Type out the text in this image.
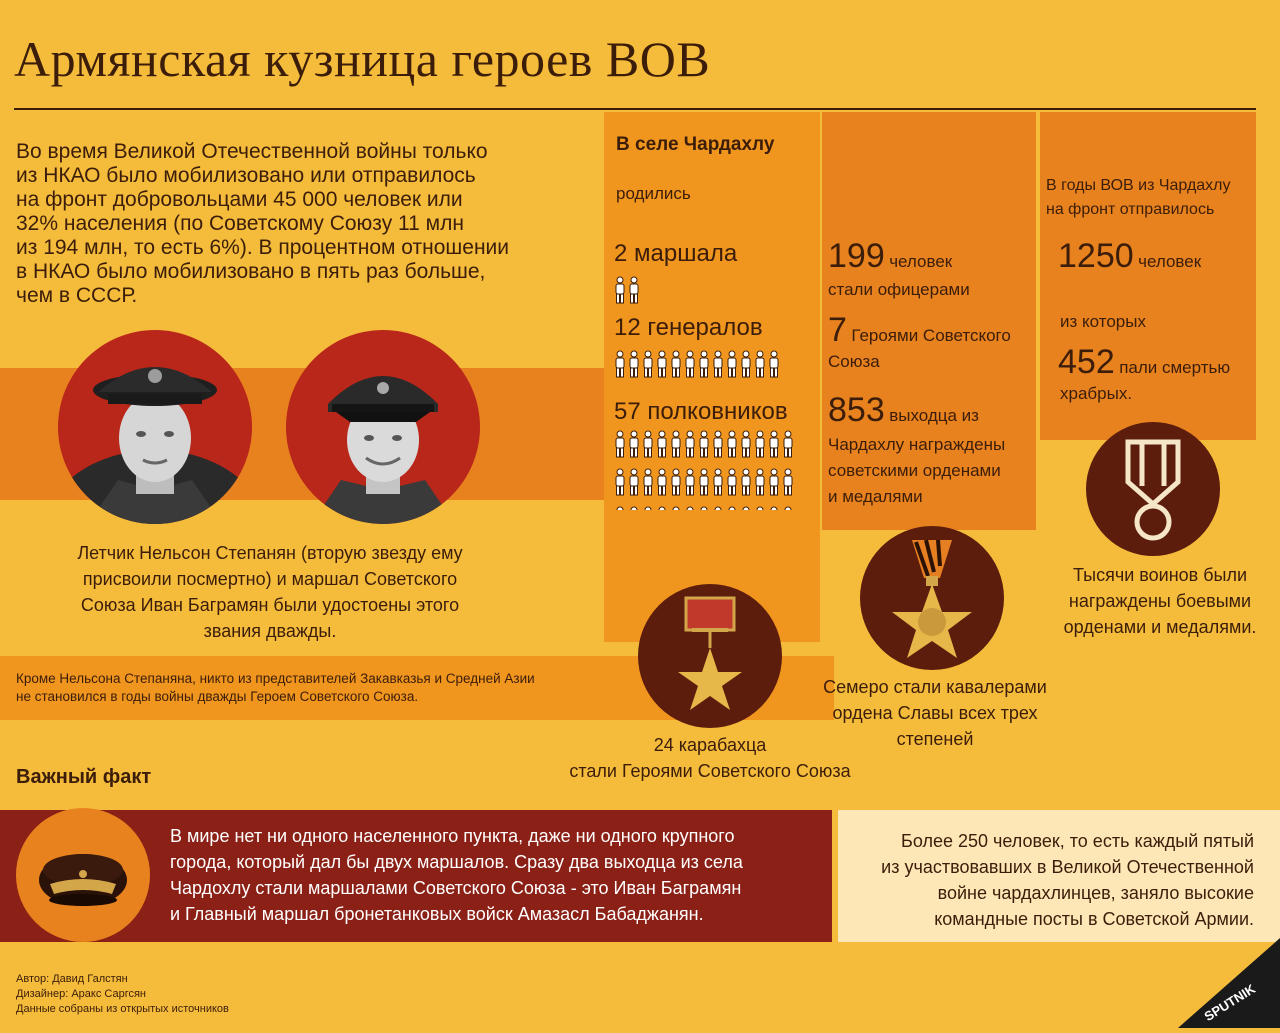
Армянская кузница героев ВОВ
Во время Великой Отечественной войны только
из НКАО было мобилизовано или отправилось
на фронт добровольцами 45 000 человек или
32% населения (по Советскому Союзу 11 млн
из 194 млн, то есть 6%). В процентном отношении
в НКАО было мобилизовано в пять раз больше,
чем в СССР.
Летчик Нельсон Степанян (вторую звезду ему
присвоили посмертно) и маршал Советского
Союза Иван Баграмян были удостоены этого
звания дважды.
Кроме Нельсона Степаняна, никто из представителей Закавказья и Средней Азии
не становился в годы войны дважды Героем Советского Союза.
В селе Чардахлу
родились
2 маршала
12 генералов
57 полковников
199 человек
стали офицерами
7 Героями Советского
Союза
853 выходца из
Чардахлу награждены
советскими орденами
и медалями
В годы ВОВ из Чардахлу
на фронт отправилось
1250 человек
из которых
452 пали смертью
храбрых.
24 карабахца
стали Героями Советского Союза
Семеро стали кавалерами
ордена Славы всех трех
степеней
Тысячи воинов были
награждены боевыми
орденами и медалями.
Важный факт
В мире нет ни одного населенного пункта, даже ни одного крупного
города, который дал бы двух маршалов. Сразу два выходца из села
Чардохлу стали маршалами Советского Союза - это Иван Баграмян
и Главный маршал бронетанковых войск Амазасл Бабаджанян.
Более 250 человек, то есть каждый пятый
из участвовавших в Великой Отечественной
войне чардахлинцев, заняло высокие
командные посты в Советской Армии.
Автор: Давид Галстян
Дизайнер: Аракс Саргсян
Данные собраны из открытых источников	SPUTNIK
